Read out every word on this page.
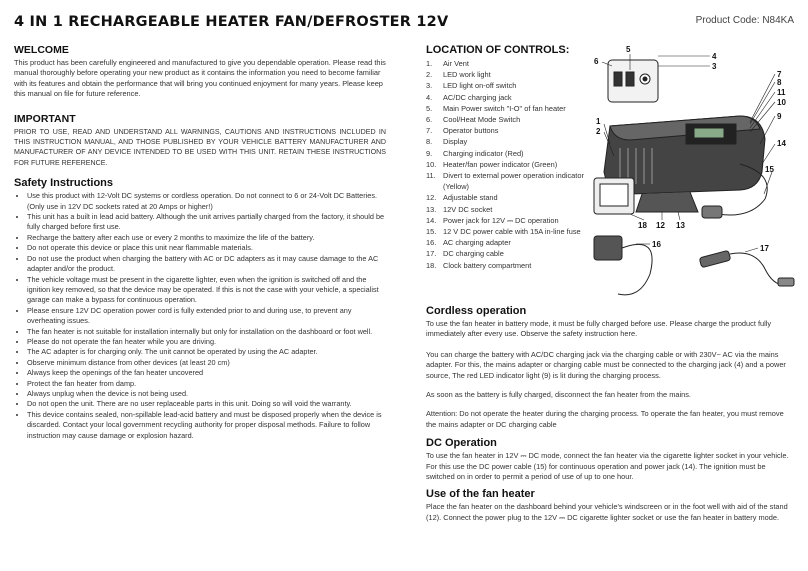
4 IN 1 RECHARGEABLE HEATER FAN/DEFROSTER 12V	Product Code: N84KA
WELCOME

This product has been carefully engineered and manufactured to give you dependable operation. Please read this manual thoroughly before operating your new product as it contains the information you need to become familiar with its features and obtain the performance that will bring you continued enjoyment for many years. Please keep this manual on file for future reference.

IMPORTANT

PRIOR TO USE, READ AND UNDERSTAND ALL WARNINGS, CAUTIONS AND INSTRUCTIONS INCLUDED IN THIS INSTRUCTION MANUAL, AND THOSE PUBLISHED BY YOUR VEHICLE BATTERY MANUFACTURER AND MANUFACTURER OF ANY DEVICE INTENDED TO BE USED WITH THIS UNIT. RETAIN THESE INSTRUCTIONS FOR FUTURE REFERENCE.

Safety Instructions
• Use this product with 12-Volt DC systems or cordless operation. Do not connect to 6 or 24-Volt DC Batteries. (Only use in 12V DC sockets rated at 20 Amps or higher!)
• This unit has a built in lead acid battery. Although the unit arrives partially charged from the factory, it should be fully charged before first use.
• Recharge the battery after each use or every 2 months to maximize the life of the battery.
• Do not operate this device or place this unit near flammable materials.
• Do not use the product when charging the battery with AC or DC adapters as it may cause damage to the AC adapter and/or the product.
• The vehicle voltage must be present in the cigarette lighter, even when the ignition is switched off and the ignition key removed, so that the device may be operated. If this is not the case with your vehicle, a specialist garage can make a bypass for continuous operation.
• Please ensure 12V DC operation power cord is fully extended prior to and during use, to prevent any overheating issues.
• The fan heater is not suitable for installation internally but only for installation on the dashboard or foot well.
• Please do not operate the fan heater while you are driving.
• The AC adapter is for charging only. The unit cannot be operated by using the AC adapter.
• Observe minimum distance from other devices (at least 20 cm)
• Always keep the openings of the fan heater uncovered
• Protect the fan heater from damp.
• Always unplug when the device is not being used.
• Do not open the unit. There are no user replaceable parts in this unit. Doing so will void the warranty.
• This device contains sealed, non-spillable lead-acid battery and must be disposed properly when the device is discarded. Contact your local government recycling authority for proper disposal methods. Failure to follow instruction may cause damage or explosion hazard.
LOCATION OF CONTROLS:
1.	Air Vent
2.	LED work light
3.	LED light on-off switch
4.	AC/DC charging jack
5.	Main Power switch "I-O" of fan heater
6.	Cool/Heat Mode Switch
7.	Operator buttons
8.	Display
9.	Charging indicator (Red)
10. Heater/fan power indicator (Green)
11. Divert to external power operation indicator (Yellow)
12. Adjustable stand
13. 12V DC socket
14. Power jack for 12V ⎓ DC operation
15. 12 V DC power cable with 15A in-line fuse
16. AC charging adapter
17. DC charging cable
18. Clock battery compartment
5
6
4
3
7
8
11
10
9
14
15
1
2
18 12 13
16	17
Cordless operation

To use the fan heater in battery mode, it must be fully charged before use. Please charge the product fully immediately after every use. Observe the safety instruction here.

You can charge the battery with AC/DC charging jack via the charging cable or with 230V~ AC via the mains adapter. For this, the mains adapter or charging cable must be connected to the charging jack (4) and a power source, The red LED indicator light (9) is lit during the charging process.

As soon as the battery is fully charged, disconnect the fan heater from the mains.

Attention: Do not operate the heater during the charging process. To operate the fan heater, you must remove the mains adapter or DC charging cable

DC Operation

To use the fan heater in 12V ⎓ DC mode, connect the fan heater via the cigarette lighter socket in your vehicle. For this use the DC power cable (15) for continuous operation and power jack (14). The ignition must be switched on in order to permit a period of use of up to one hour.

Use of the fan heater

Place the fan heater on the dashboard behind your vehicle's windscreen or in the foot well with aid of the stand (12). Connect the power plug to the 12V ⎓ DC cigarette lighter socket or use the fan heater in battery mode.
